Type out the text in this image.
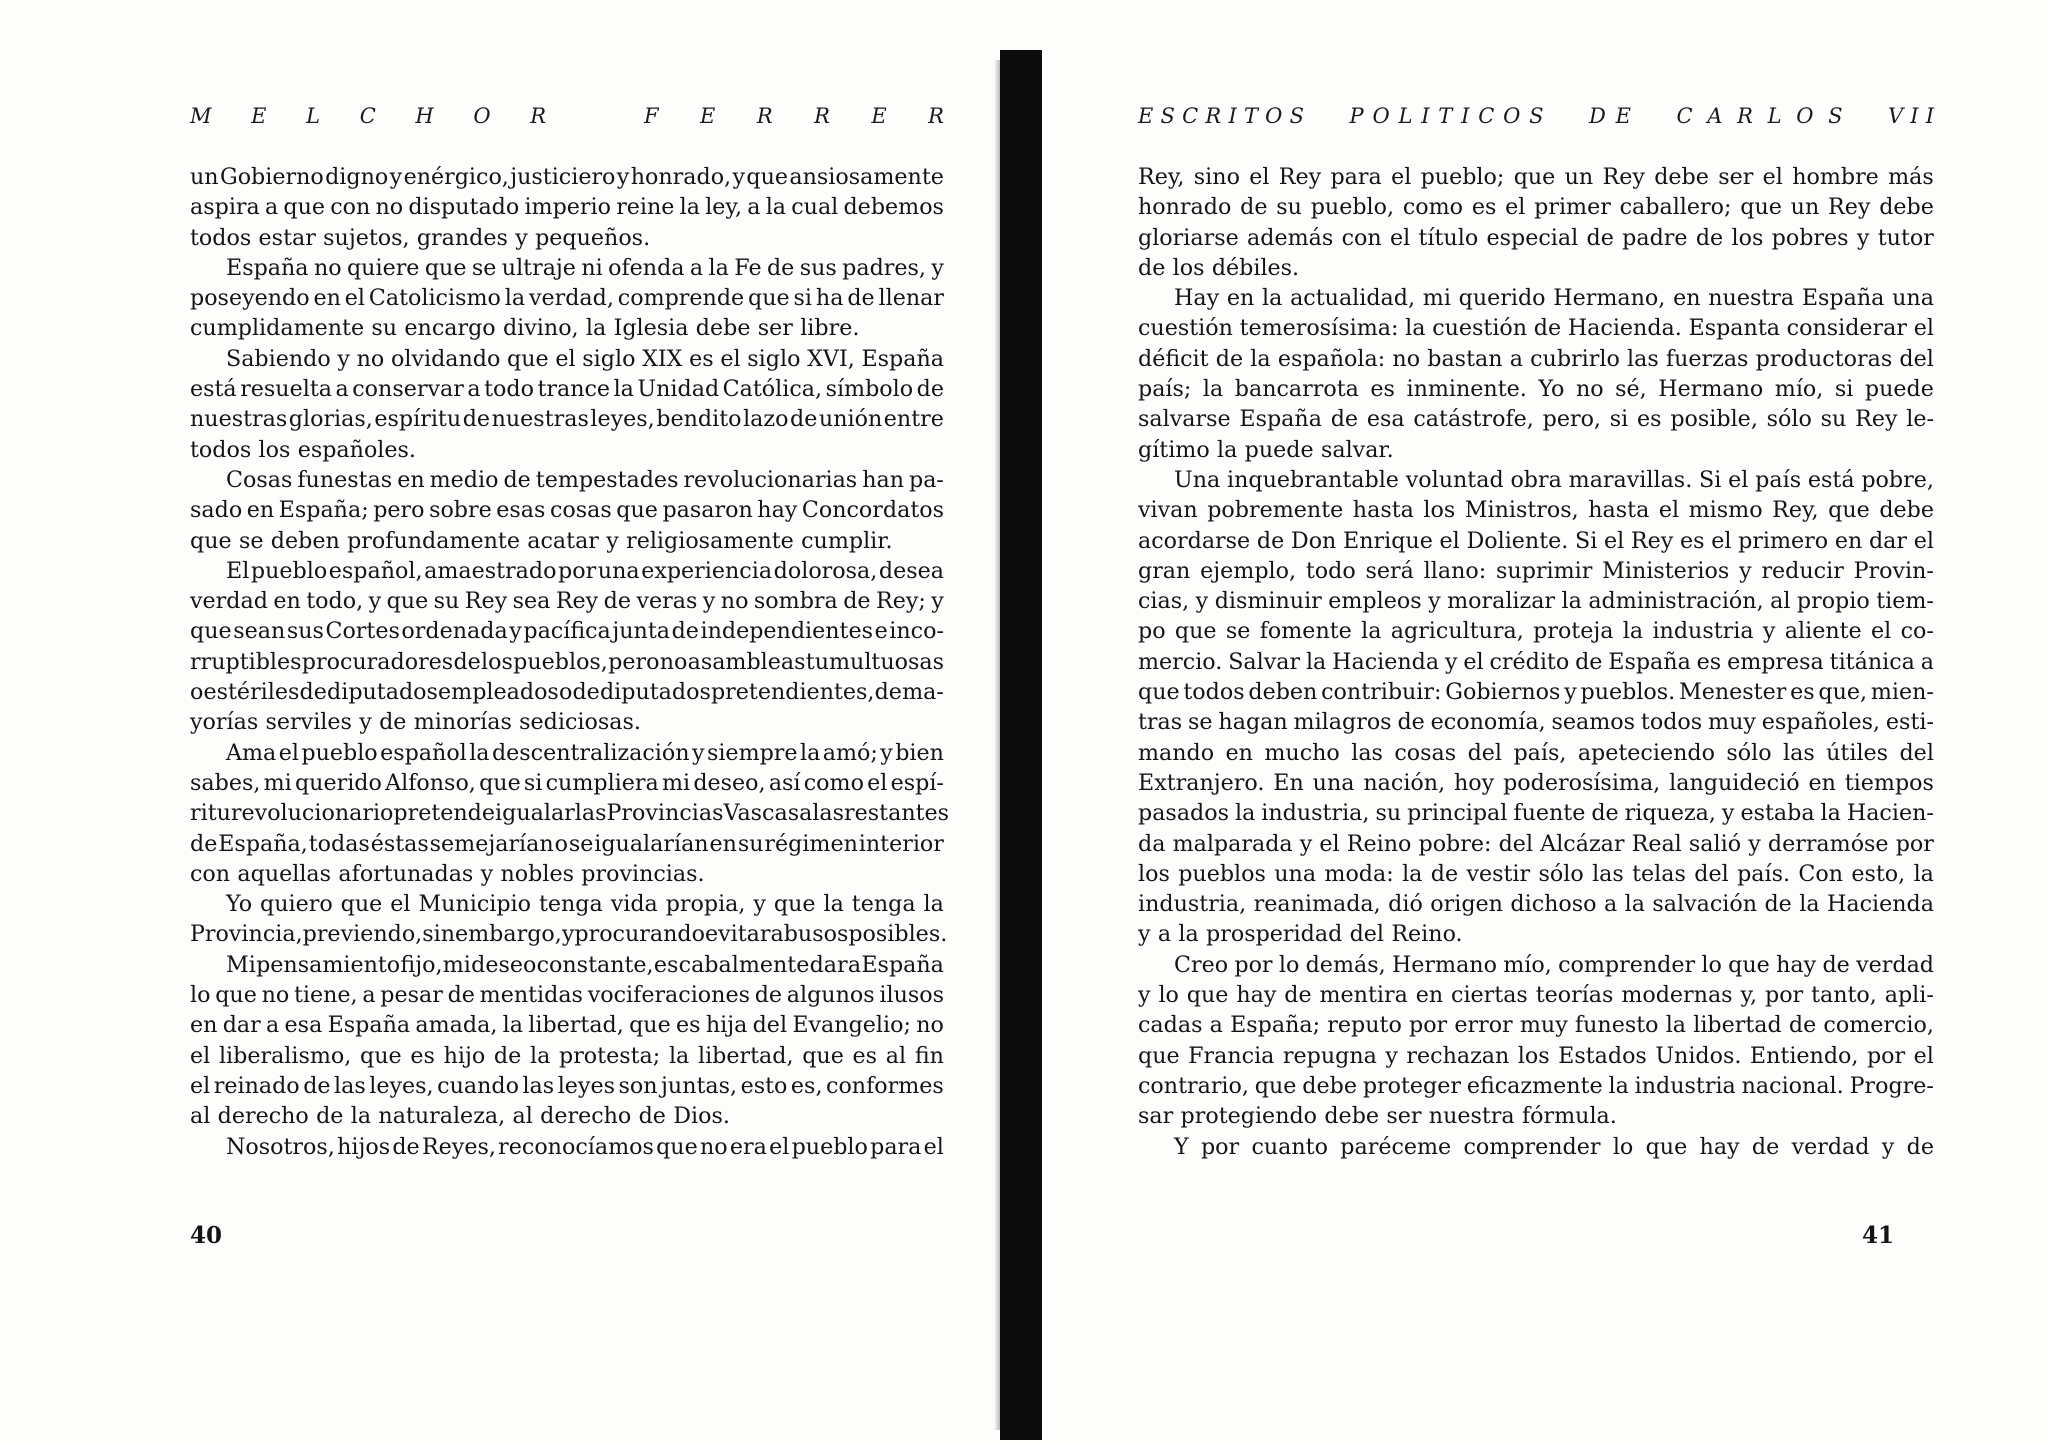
M E L C H O R	F E R R E R
un Gobierno digno y enérgico, justiciero y honrado, y que ansiosamente
aspira a que con no disputado imperio reine la ley, a la cual debemos
todos estar sujetos, grandes y pequeños.
España no quiere que se ultraje ni ofenda a la Fe de sus padres, y
poseyendo en el Catolicismo la verdad, comprende que si ha de llenar
cumplidamente su encargo divino, la Iglesia debe ser libre.
Sabiendo y no olvidando que el siglo XIX es el siglo XVI, España
está resuelta a conservar a todo trance la Unidad Católica, símbolo de
nuestras glorias, espíritu de nuestras leyes, bendito lazo de unión entre
todos los españoles.
Cosas funestas en medio de tempestades revolucionarias han pa-
sado en España; pero sobre esas cosas que pasaron hay Concordatos
que se deben profundamente acatar y religiosamente cumplir.
El pueblo español, amaestrado por una experiencia dolorosa, desea
verdad en todo, y que su Rey sea Rey de veras y no sombra de Rey; y
que sean sus Cortes ordenada y pacífica junta de independientes e inco-
rruptibles procuradores de los pueblos, pero no asambleas tumultuosas
o estériles de diputados empleados o de diputados pretendientes, de ma-
yorías serviles y de minorías sediciosas.
Ama el pueblo español la descentralización y siempre la amó; y bien
sabes, mi querido Alfonso, que si cumpliera mi deseo, así como el espí-
ritu revolucionario pretende igualar las Provincias Vascas a las restantes
de España, todas éstas semejarían o se igualarían en su régimen interior
con aquellas afortunadas y nobles provincias.
Yo quiero que el Municipio tenga vida propia, y que la tenga la
Provincia, previendo, sin embargo, y procurando evitar abusos posibles.
Mi pensamiento fijo, mi deseo constante, es cabalmente dar a España
lo que no tiene, a pesar de mentidas vociferaciones de algunos ilusos
en dar a esa España amada, la libertad, que es hija del Evangelio; no
el liberalismo, que es hijo de la protesta; la libertad, que es al fin
el reinado de las leyes, cuando las leyes son juntas, esto es, conformes
al derecho de la naturaleza, al derecho de Dios.
Nosotros, hijos de Reyes, reconocíamos que no era el pueblo para el
40
E S C R I T O S P O L I T I C O S D E C A R L O S V I I
Rey, sino el Rey para el pueblo; que un Rey debe ser el hombre más
honrado de su pueblo, como es el primer caballero; que un Rey debe
gloriarse además con el título especial de padre de los pobres y tutor
de los débiles.
Hay en la actualidad, mi querido Hermano, en nuestra España una
cuestión temerosísima: la cuestión de Hacienda. Espanta considerar el
déficit de la española: no bastan a cubrirlo las fuerzas productoras del
país; la bancarrota es inminente. Yo no sé, Hermano mío, si puede
salvarse España de esa catástrofe, pero, si es posible, sólo su Rey le-
gítimo la puede salvar.
Una inquebrantable voluntad obra maravillas. Si el país está pobre,
vivan pobremente hasta los Ministros, hasta el mismo Rey, que debe
acordarse de Don Enrique el Doliente. Si el Rey es el primero en dar el
gran ejemplo, todo será llano: suprimir Ministerios y reducir Provin-
cias, y disminuir empleos y moralizar la administración, al propio tiem-
po que se fomente la agricultura, proteja la industria y aliente el co-
mercio. Salvar la Hacienda y el crédito de España es empresa titánica a
que todos deben contribuir: Gobiernos y pueblos. Menester es que, mien-
tras se hagan milagros de economía, seamos todos muy españoles, esti-
mando en mucho las cosas del país, apeteciendo sólo las útiles del
Extranjero. En una nación, hoy poderosísima, languideció en tiempos
pasados la industria, su principal fuente de riqueza, y estaba la Hacien-
da malparada y el Reino pobre: del Alcázar Real salió y derramóse por
los pueblos una moda: la de vestir sólo las telas del país. Con esto, la
industria, reanimada, dió origen dichoso a la salvación de la Hacienda
y a la prosperidad del Reino.
Creo por lo demás, Hermano mío, comprender lo que hay de verdad
y lo que hay de mentira en ciertas teorías modernas y, por tanto, apli-
cadas a España; reputo por error muy funesto la libertad de comercio,
que Francia repugna y rechazan los Estados Unidos. Entiendo, por el
contrario, que debe proteger eficazmente la industria nacional. Progre-
sar protegiendo debe ser nuestra fórmula.
Y por cuanto paréceme comprender lo que hay de verdad y de
41
